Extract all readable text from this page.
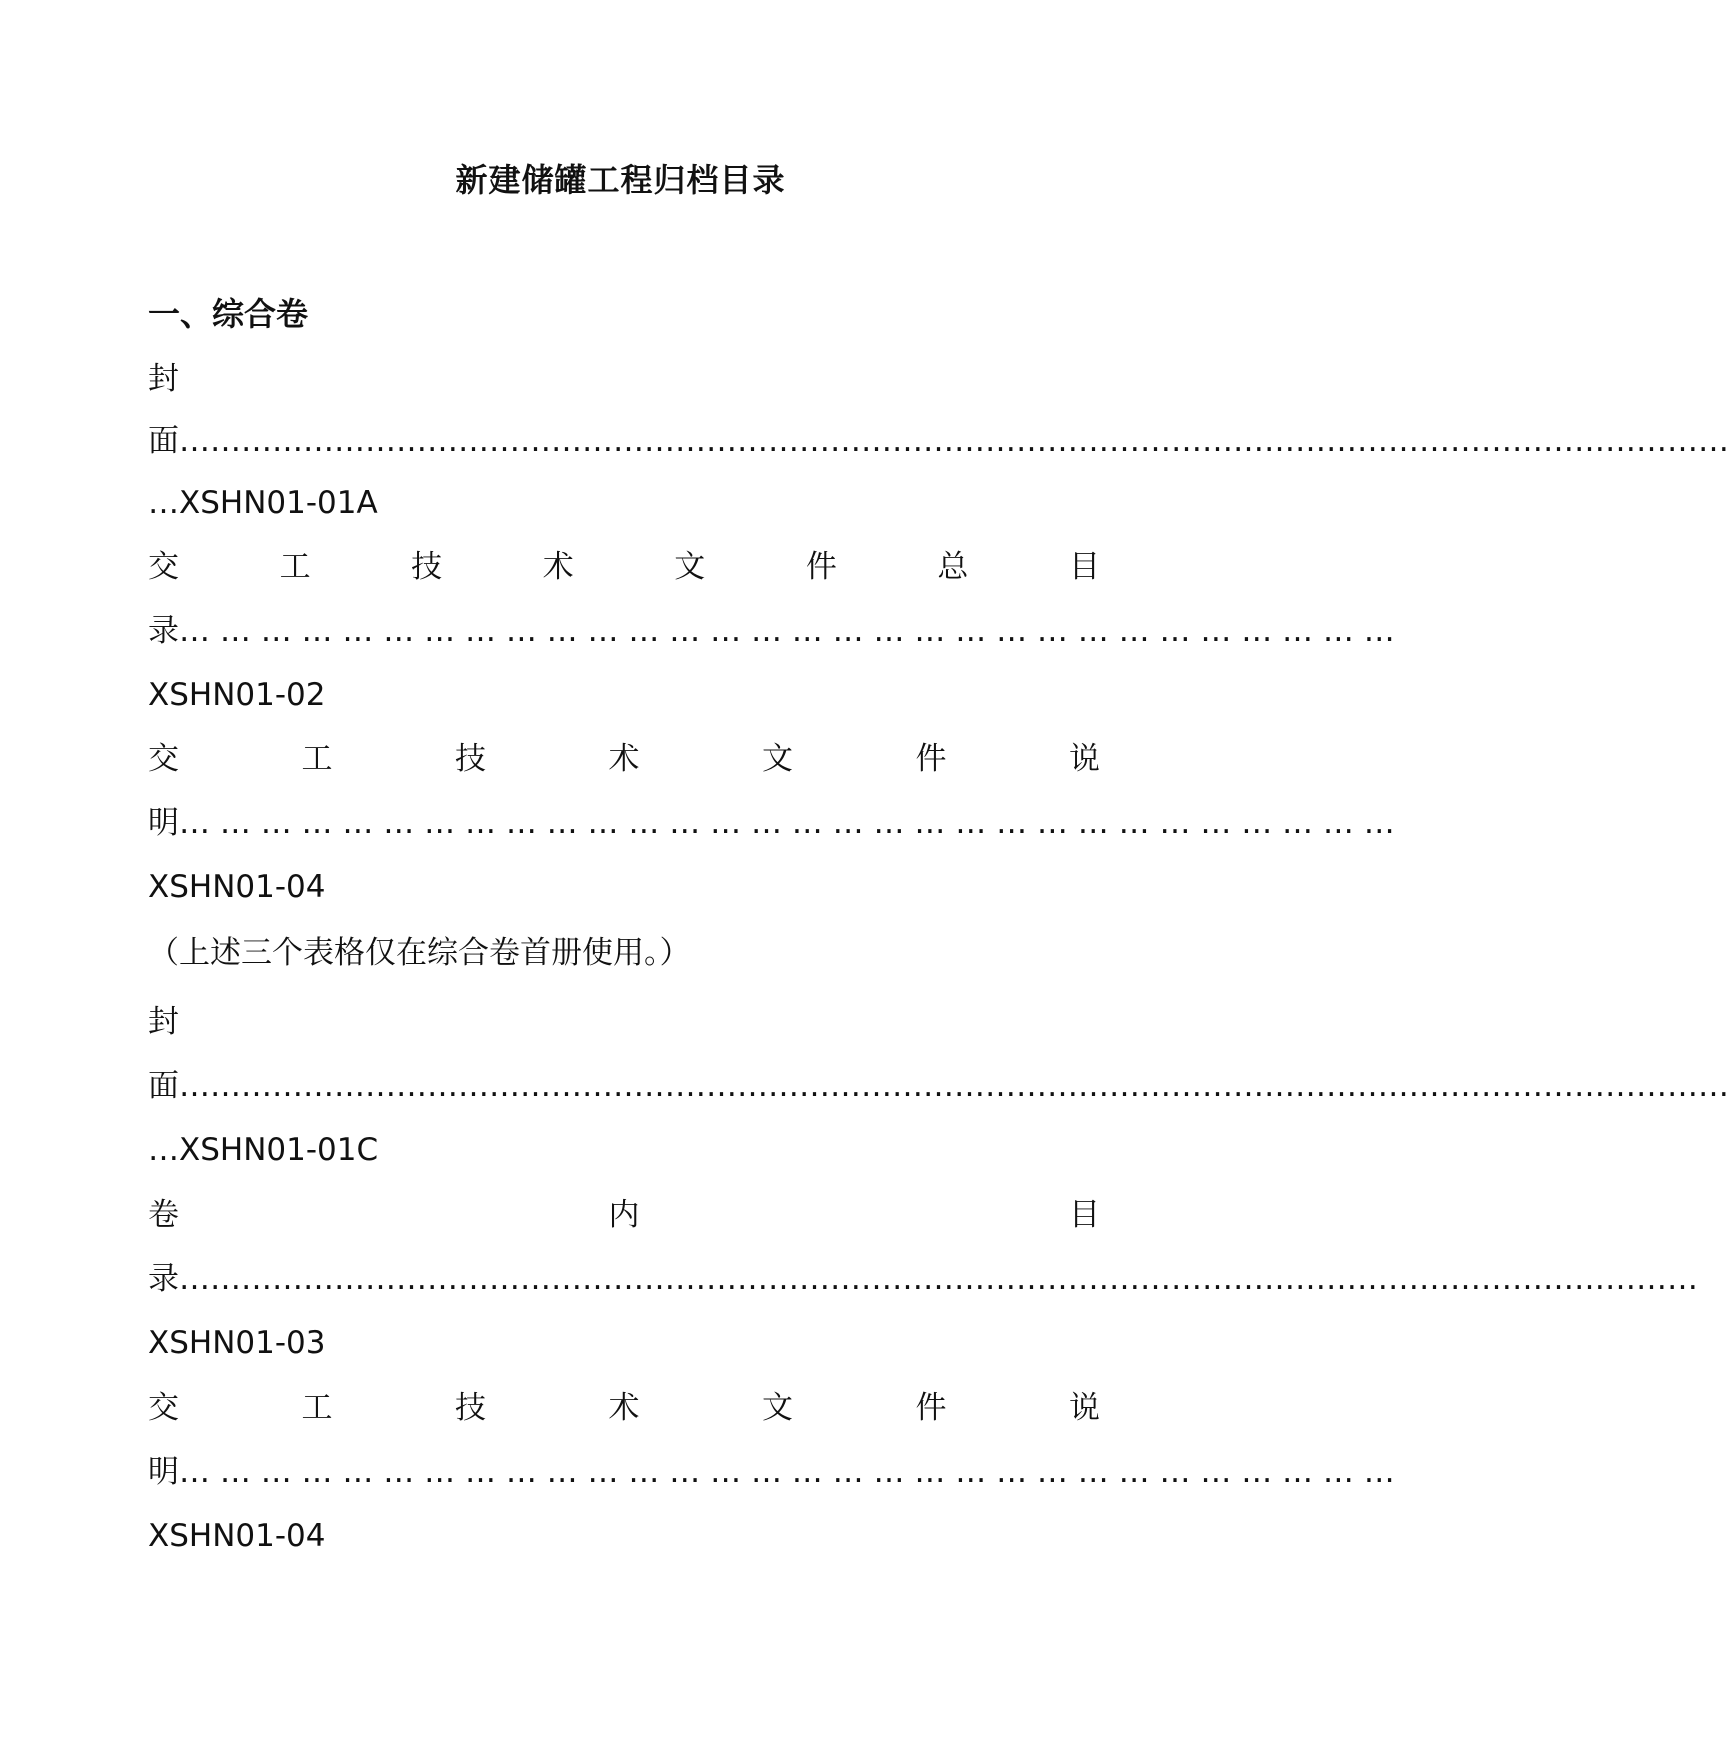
新建储罐工程归档目录
一、综合卷
封
面 ……………………………………………………………………………………………………………………………………
…XSHN01-01A
交	工	技	术	文	件	总	目
录 … … … … … … … … … … … … … … … … … … … … … … … … … … … … … …
XSHN01-02
交	工	技	术	文	件	说
明 … … … … … … … … … … … … … … … … … … … … … … … … … … … … … …
XSHN01-04
（上述三个表格仅在综合卷首册使用。）
封
面 ……………………………………………………………………………………………………………………………………
…XSHN01-01C
卷	内	目
录 …………………………………………………………………………………………………………………………………
XSHN01-03
交	工	技	术	文	件	说
明 … … … … … … … … … … … … … … … … … … … … … … … … … … … … … …
XSHN01-04
